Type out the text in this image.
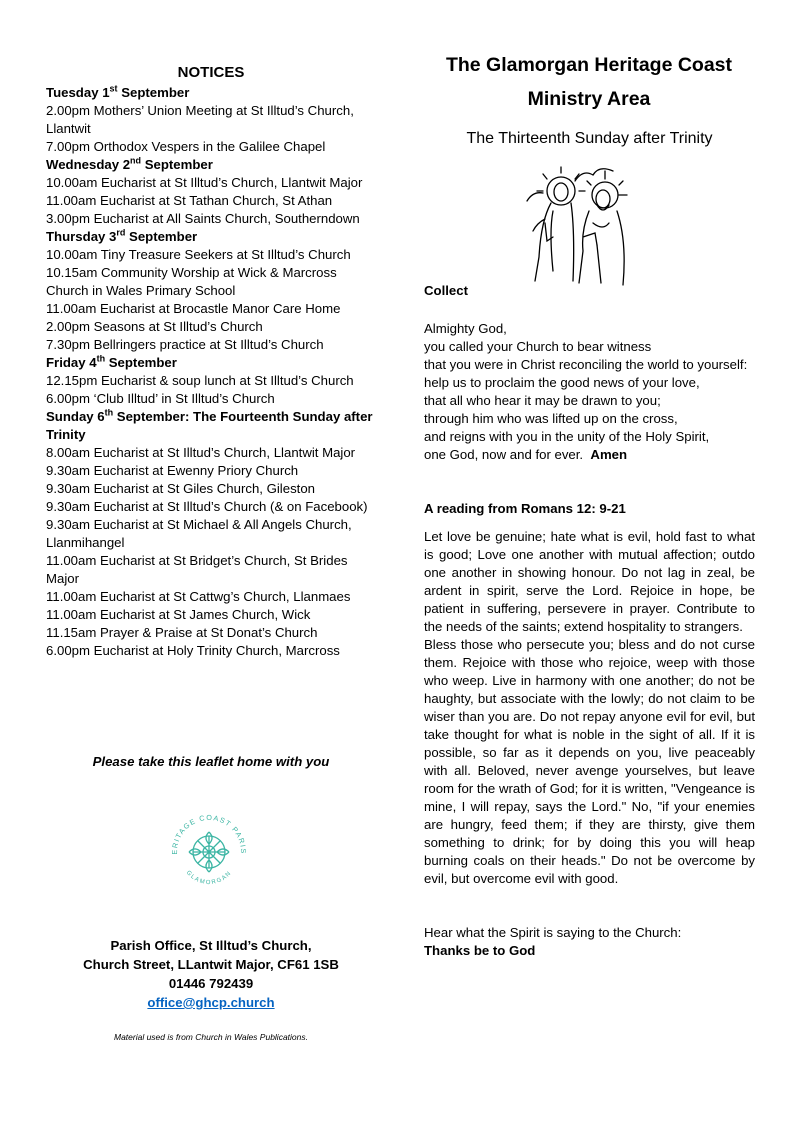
NOTICES
Tuesday 1st September
2.00pm Mothers’ Union Meeting at St Illtud’s Church, Llantwit
7.00pm Orthodox Vespers in the Galilee Chapel
Wednesday 2nd September
10.00am Eucharist at St Illtud’s Church, Llantwit Major
11.00am Eucharist at St Tathan Church, St Athan
3.00pm Eucharist at All Saints Church, Southerndown
Thursday 3rd September
10.00am Tiny Treasure Seekers at St Illtud’s Church
10.15am Community Worship at Wick & Marcross Church in Wales Primary School
11.00am Eucharist at Brocastle Manor Care Home
2.00pm Seasons at St Illtud’s Church
7.30pm Bellringers practice at St Illtud’s Church
Friday 4th September
12.15pm Eucharist & soup lunch at St Illtud’s Church
6.00pm ‘Club Illtud’ in St Illtud’s Church
Sunday 6th September: The Fourteenth Sunday after Trinity
8.00am Eucharist at St Illtud’s Church, Llantwit Major
9.30am Eucharist at Ewenny Priory Church
9.30am Eucharist at St Giles Church, Gileston
9.30am Eucharist at St Illtud’s Church (& on Facebook)
9.30am Eucharist at St Michael & All Angels Church, Llanmihangel
11.00am Eucharist at St Bridget’s Church, St Brides Major
11.00am Eucharist at St Cattwg’s Church, Llanmaes
11.00am Eucharist at St James Church, Wick
11.15am Prayer & Praise at St Donat’s Church
6.00pm Eucharist at Holy Trinity Church, Marcross
Please take this leaflet home with you
ERITAGE COAST PARIS
GLAMORGAN
Parish Office, St Illtud’s Church,
Church Street, LLantwit Major, CF61 1SB
01446 792439
office@ghcp.church
Material used is from Church in Wales Publications.
The Glamorgan Heritage Coast
Ministry Area
The Thirteenth Sunday after Trinity
Collect
Almighty God,
you called your Church to bear witness
that you were in Christ reconciling the world to yourself:
help us to proclaim the good news of your love,
that all who hear it may be drawn to you;
through him who was lifted up on the cross,
and reigns with you in the unity of the Holy Spirit,
one God, now and for ever. Amen
A reading from Romans 12: 9-21

Let love be genuine; hate what is evil, hold fast to what is good; Love one another with mutual affection; outdo one another in showing honour. Do not lag in zeal, be ardent in spirit, serve the Lord. Rejoice in hope, be patient in suffering, persevere in prayer. Contribute to the needs of the saints; extend hospitality to strangers.

Bless those who persecute you; bless and do not curse them. Rejoice with those who rejoice, weep with those who weep. Live in harmony with one another; do not be haughty, but associate with the lowly; do not claim to be wiser than you are. Do not repay anyone evil for evil, but take thought for what is noble in the sight of all. If it is possible, so far as it depends on you, live peaceably with all. Beloved, never avenge yourselves, but leave room for the wrath of God; for it is written, "Vengeance is mine, I will repay, says the Lord." No, "if your enemies are hungry, feed them; if they are thirsty, give them something to drink; for by doing this you will heap burning coals on their heads." Do not be overcome by evil, but overcome evil with good.

Hear what the Spirit is saying to the Church:
Thanks be to God
